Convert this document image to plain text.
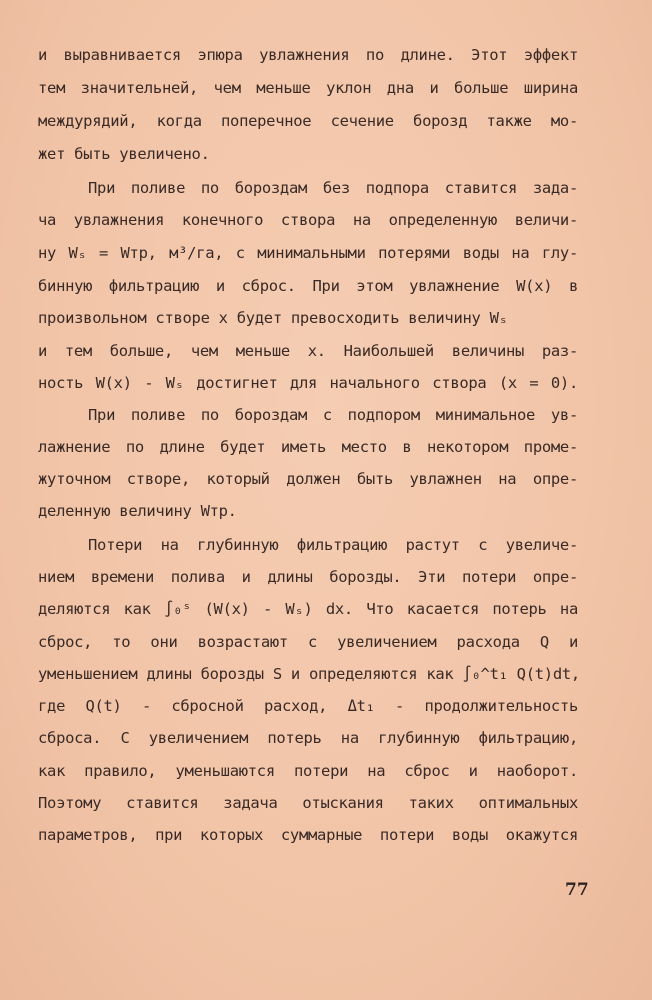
и выравнивается эпюра увлажнения по длине. Этот эффект
тем значительней, чем меньше уклон дна и больше ширина
междурядий, когда поперечное сечение борозд также мо-
жет быть увеличено.
При поливе по бороздам без подпора ставится зада-
ча увлажнения конечного створа на определенную величи-
ну Wₛ = Wтр, м³/га, с минимальными потерями воды на глу-
бинную фильтрацию и сброс. При этом увлажнение W(x) в
произвольном створе x будет превосходить величину Wₛ
и тем больше, чем меньше x. Наибольшей величины раз-
ность W(x) - Wₛ достигнет для начального створа (x = 0).
При поливе по бороздам с подпором минимальное ув-
лажнение по длине будет иметь место в некотором проме-
жуточном створе, который должен быть увлажнен на опре-
деленную величину Wтр.
Потери на глубинную фильтрацию растут с увеличе-
нием времени полива и длины борозды. Эти потери опре-
деляются как ∫₀ˢ (W(x) - Wₛ) dx. Что касается потерь на
сброс, то они возрастают с увеличением расхода Q и
уменьшением длины борозды S и определяются как ∫₀^t₁ Q(t)dt,
где Q(t) - сбросной расход, Δt₁ - продолжительность
сброса. С увеличением потерь на глубинную фильтрацию,
как правило, уменьшаются потери на сброс и наоборот.
Поэтому ставится задача отыскания таких оптимальных
параметров, при которых суммарные потери воды окажутся
77
